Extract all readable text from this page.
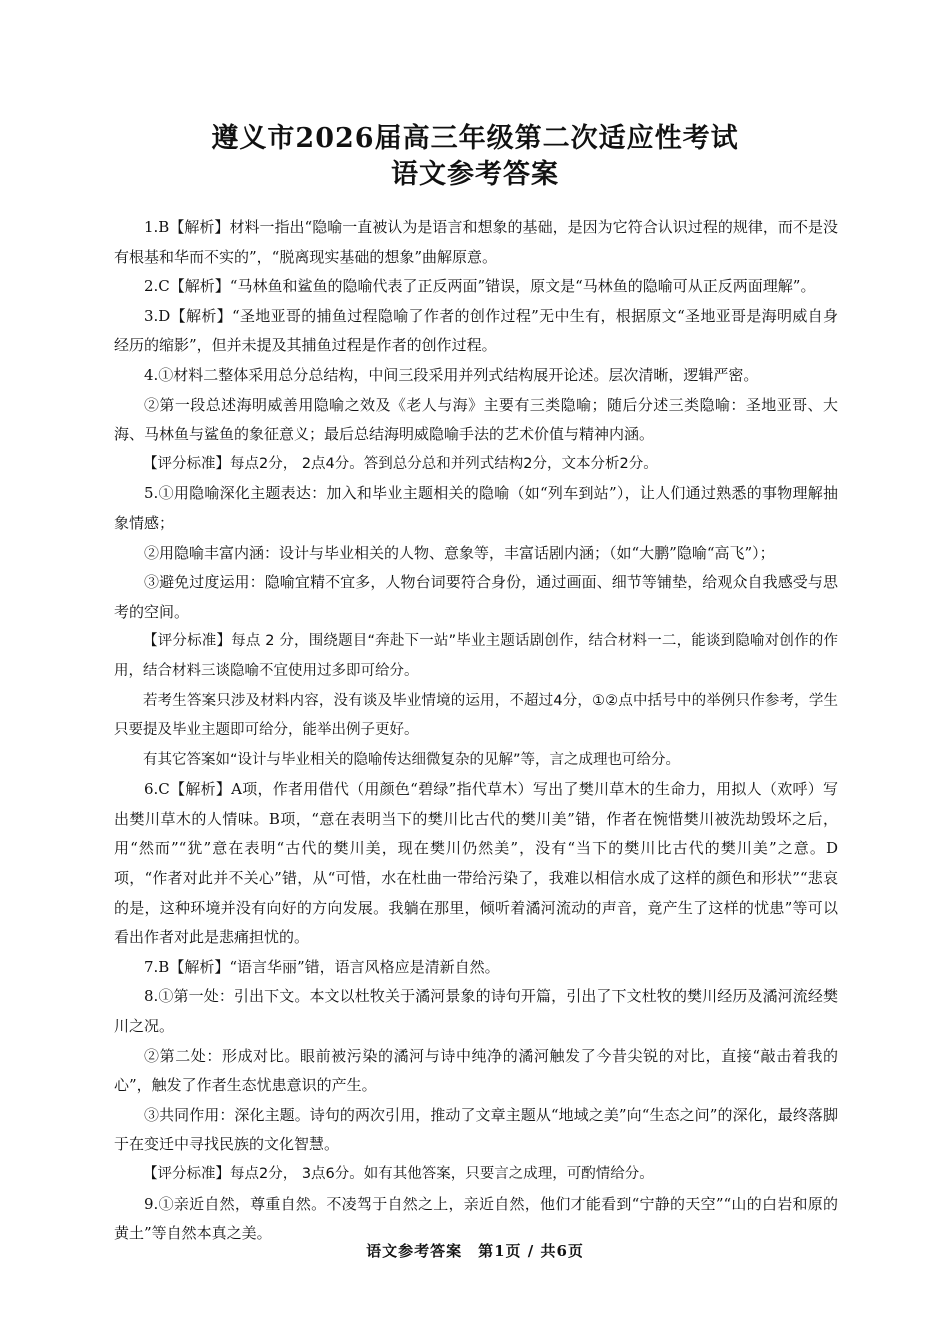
遵义市2026届高三年级第二次适应性考试
语文参考答案

1.B【解析】材料一指出“隐喻一直被认为是语言和想象的基础，是因为它符合认识过程的规律，而不是没有根基和华而不实的”，“脱离现实基础的想象”曲解原意。

2.C【解析】“马林鱼和鲨鱼的隐喻代表了正反两面”错误，原文是“马林鱼的隐喻可从正反两面理解”。

3.D【解析】“圣地亚哥的捕鱼过程隐喻了作者的创作过程”无中生有，根据原文“圣地亚哥是海明威自身经历的缩影”，但并未提及其捕鱼过程是作者的创作过程。

4.①材料二整体采用总分总结构，中间三段采用并列式结构展开论述。层次清晰，逻辑严密。

②第一段总述海明威善用隐喻之效及《老人与海》主要有三类隐喻；随后分述三类隐喻：圣地亚哥、大海、马林鱼与鲨鱼的象征意义；最后总结海明威隐喻手法的艺术价值与精神内涵。

【评分标准】每点2分， 2点4分。答到总分总和并列式结构2分，文本分析2分。

5.①用隐喻深化主题表达：加入和毕业主题相关的隐喻（如“列车到站”），让人们通过熟悉的事物理解抽象情感；

②用隐喻丰富内涵：设计与毕业相关的人物、意象等，丰富话剧内涵；（如“大鹏”隐喻“高飞”）；

③避免过度运用：隐喻宜精不宜多，人物台词要符合身份，通过画面、细节等铺垫，给观众自我感受与思考的空间。

【评分标准】每点 2 分，围绕题目“奔赴下一站”毕业主题话剧创作，结合材料一二，能谈到隐喻对创作的作用，结合材料三谈隐喻不宜使用过多即可给分。

若考生答案只涉及材料内容，没有谈及毕业情境的运用，不超过4分，①②点中括号中的举例只作参考，学生只要提及毕业主题即可给分，能举出例子更好。

有其它答案如“设计与毕业相关的隐喻传达细微复杂的见解”等，言之成理也可给分。

6.C【解析】A项，作者用借代（用颜色“碧绿”指代草木）写出了樊川草木的生命力，用拟人（欢呼）写出樊川草木的人情味。B项，“意在表明当下的樊川比古代的樊川美”错，作者在惋惜樊川被洗劫毁坏之后，用“然而”“犹”意在表明“古代的樊川美，现在樊川仍然美”，没有“当下的樊川比古代的樊川美”之意。D项，“作者对此并不关心”错，从“可惜，水在杜曲一带给污染了，我难以相信水成了这样的颜色和形状”“悲哀的是，这种环境并没有向好的方向发展。我躺在那里，倾听着潏河流动的声音，竟产生了这样的忧患”等可以看出作者对此是悲痛担忧的。

7.B【解析】“语言华丽”错，语言风格应是清新自然。

8.①第一处：引出下文。本文以杜牧关于潏河景象的诗句开篇，引出了下文杜牧的樊川经历及潏河流经樊川之况。

②第二处：形成对比。眼前被污染的潏河与诗中纯净的潏河触发了今昔尖锐的对比，直接“敲击着我的心”，触发了作者生态忧患意识的产生。

③共同作用：深化主题。诗句的两次引用，推动了文章主题从“地域之美”向“生态之问”的深化，最终落脚于在变迁中寻找民族的文化智慧。

【评分标准】每点2分， 3点6分。如有其他答案，只要言之成理，可酌情给分。

9.①亲近自然，尊重自然。不凌驾于自然之上，亲近自然，他们才能看到“宁静的天空”“山的白岩和原的黄土”等自然本真之美。

语文参考答案　第1页 / 共6页
